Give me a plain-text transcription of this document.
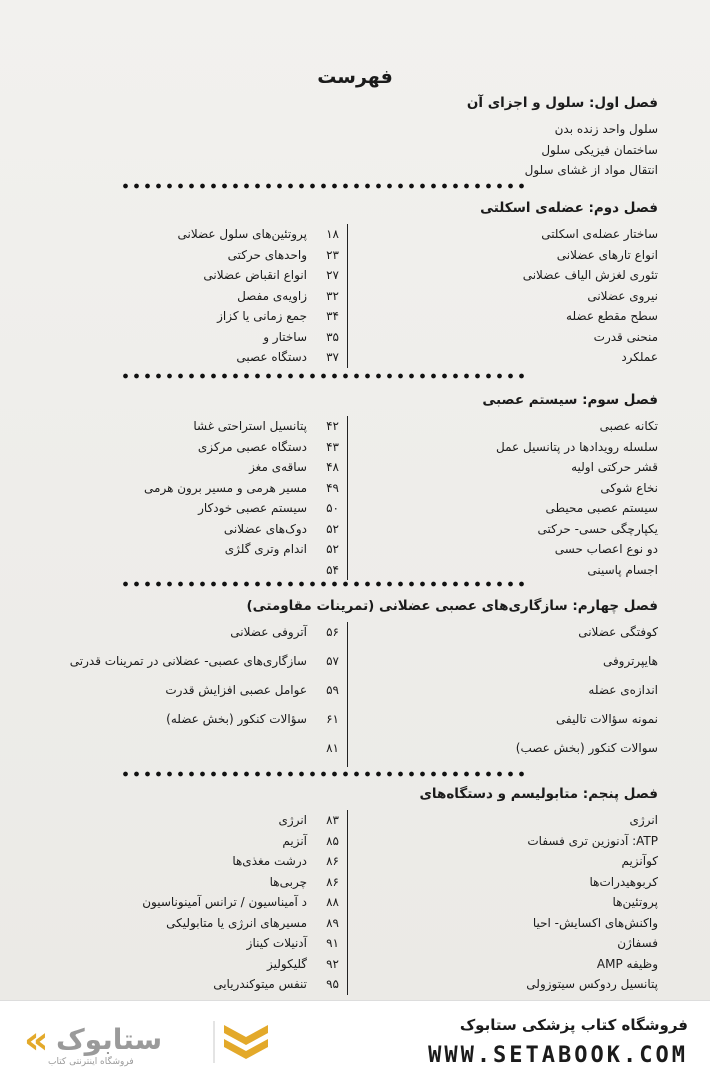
فهرست
فصل اول: سلول و اجزای آن
سلول واحد زنده بدن
ساختمان فیزیکی سلول
انتقال مواد از غشای سلول
فصل دوم: عضله‌ی اسکلتی
ساختار عضله‌ی اسکلتی
انواع تارهای عضلانی
تئوری لغزش الیاف عضلانی
نیروی عضلانی
سطح مقطع عضله
منحنی قدرت
عملکرد
۱۸
پروتئین‌های سلول عضلانی
۲۳
واحدهای حرکتی
۲۷
انواع انقباض عضلانی
۳۲
زاویه‌ی مفصل
۳۴
جمع زمانی یا کزاز
۳۵
ساختار و
۳۷
دستگاه عصبی
فصل سوم: سیستم عصبی
تکانه عصبی
سلسله رویدادها در پتانسیل عمل
قشر حرکتی اولیه
نخاع شوکی
سیستم عصبی محیطی
یکپارچگی حسی- حرکتی
دو نوع اعصاب حسی
اجسام پاسینی
۴۲
پتانسیل استراحتی غشا
۴۳
دستگاه عصبی مرکزی
۴۸
ساقه‌ی مغز
۴۹
مسیر هرمی و مسیر برون هرمی
۵۰
سیستم عصبی خودکار
۵۲
دوک‌های عضلانی
۵۲
اندام وتری گلژی
۵۴
فصل چهارم: سازگاری‌های عصبی عضلانی (تمرینات مقاومتی)
کوفتگی عضلانی
هایپرتروفی
اندازه‌ی عضله
نمونه سؤالات تالیفی
سوالات کنکور (بخش عصب)
۵۶
آتروفی عضلانی
۵۷
سازگاری‌های عصبی- عضلانی در تمرینات قدرتی
۵۹
عوامل عصبی افزایش قدرت
۶۱
سؤالات کنکور (بخش عضله)
۸۱
فصل پنجم: متابولیسم و دستگاه‌های
انرژی
ATP: آدنوزین تری فسفات
کوآنزیم
کربوهیدرات‌ها
پروتئین‌ها
واکنش‌های اکسایش- احیا
فسفاژن
وظیفه AMP
پتانسیل ردوکس سیتوزولی
۸۳
انرژی
۸۵
آنزیم
۸۶
درشت مغذی‌ها
۸۶
چربی‌ها
۸۸
د آمیناسیون / ترانس آمینوناسیون
۸۹
مسیرهای انرژی یا متابولیکی
۹۱
آدنیلات کیناز
۹۲
گلیکولیز
۹۵
تنفس میتوکندریایی
« ستابوک
فروشگاه اینترنتی کتاب
فروشگاه کتاب پزشکی ستابوک
WWW.SETABOOK.COM
